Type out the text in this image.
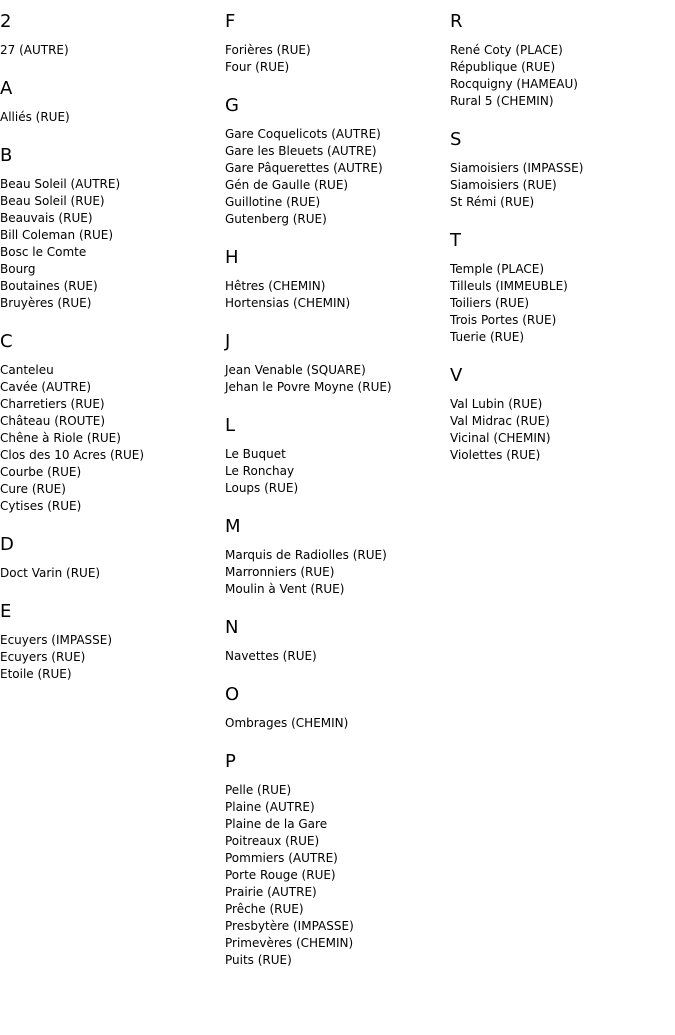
2
27 (AUTRE)
A
Alliés (RUE)
B
Beau Soleil (AUTRE)
Beau Soleil (RUE)
Beauvais (RUE)
Bill Coleman (RUE)
Bosc le Comte
Bourg
Boutaines (RUE)
Bruyères (RUE)
C
Canteleu
Cavée (AUTRE)
Charretiers (RUE)
Château (ROUTE)
Chêne à Riole (RUE)
Clos des 10 Acres (RUE)
Courbe (RUE)
Cure (RUE)
Cytises (RUE)
D
Doct Varin (RUE)
E
Ecuyers (IMPASSE)
Ecuyers (RUE)
Etoile (RUE)
F
Forières (RUE)
Four (RUE)
G
Gare Coquelicots (AUTRE)
Gare les Bleuets (AUTRE)
Gare Pâquerettes (AUTRE)
Gén de Gaulle (RUE)
Guillotine (RUE)
Gutenberg (RUE)
H
Hêtres (CHEMIN)
Hortensias (CHEMIN)
J
Jean Venable (SQUARE)
Jehan le Povre Moyne (RUE)
L
Le Buquet
Le Ronchay
Loups (RUE)
M
Marquis de Radiolles (RUE)
Marronniers (RUE)
Moulin à Vent (RUE)
N
Navettes (RUE)
O
Ombrages (CHEMIN)
P
Pelle (RUE)
Plaine (AUTRE)
Plaine de la Gare
Poitreaux (RUE)
Pommiers (AUTRE)
Porte Rouge (RUE)
Prairie (AUTRE)
Prêche (RUE)
Presbytère (IMPASSE)
Primevères (CHEMIN)
Puits (RUE)
R
René Coty (PLACE)
République (RUE)
Rocquigny (HAMEAU)
Rural 5 (CHEMIN)
S
Siamoisiers (IMPASSE)
Siamoisiers (RUE)
St Rémi (RUE)
T
Temple (PLACE)
Tilleuls (IMMEUBLE)
Toiliers (RUE)
Trois Portes (RUE)
Tuerie (RUE)
V
Val Lubin (RUE)
Val Midrac (RUE)
Vicinal (CHEMIN)
Violettes (RUE)
